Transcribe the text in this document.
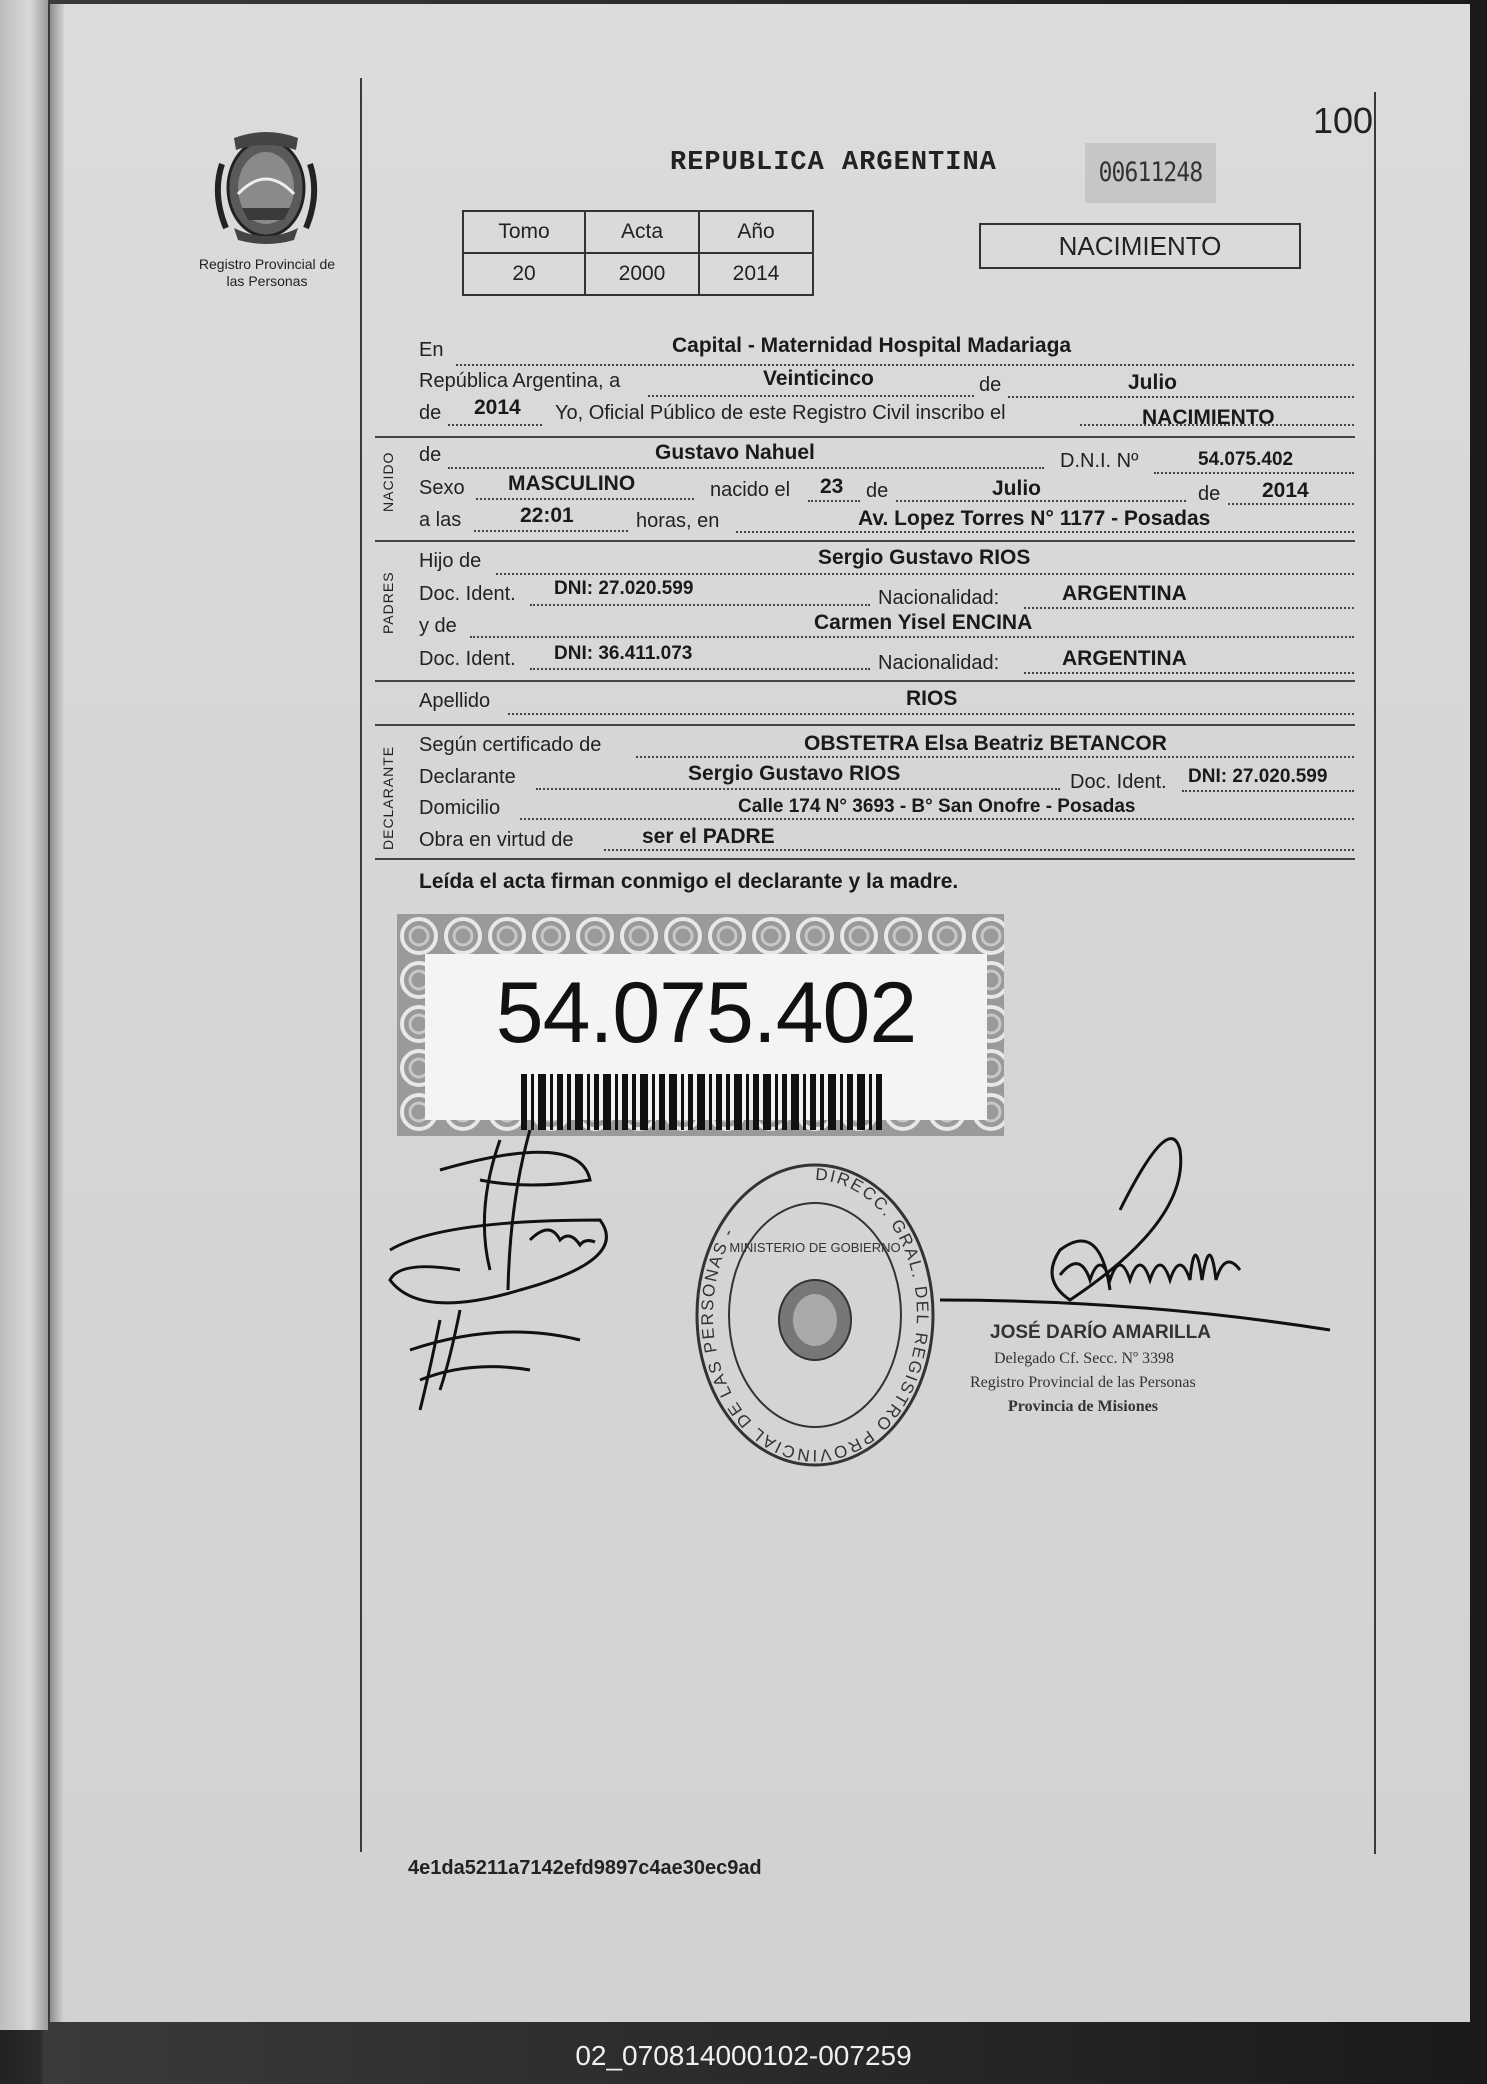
100
Registro Provincial de las Personas
REPUBLICA ARGENTINA	00611248
Tomo	Acta	Año
20	2000	2014
NACIMIENTO
En	Capital - Maternidad Hospital Madariaga
República Argentina, a	Veinticinco	de	Julio
de 2014 Yo, Oficial Público de este Registro Civil inscribo el	NACIMIENTO
NACIDO de	Gustavo Nahuel	D.N.I. Nº	54.075.402
Sexo MASCULINO	nacido el 23 de	Julio	de 2014
a las	22:01	horas, en	Av. Lopez Torres N° 1177 - Posadas
PADRES
Hijo de	Sergio Gustavo RIOS
Doc. Ident. DNI: 27.020.599	Nacionalidad:	ARGENTINA
y de	Carmen Yisel ENCINA
Doc. Ident. DNI: 36.411.073	Nacionalidad:	ARGENTINA
Apellido	RIOS
DECLARANTE
Según certificado de	OBSTETRA Elsa Beatriz BETANCOR
Declarante	Sergio Gustavo RIOS	Doc. Ident. DNI: 27.020.599
Domicilio	Calle 174 N° 3693 - B° San Onofre - Posadas
Obra en virtud de	ser el PADRE
Leída el acta firman conmigo el declarante y la madre.
54.075.402
DIRECC. GRAL. DEL REGISTRO PROVINCIAL DE LAS PERSONAS -
MINISTERIO DE GOBIERNO
JOSÉ DARÍO AMARILLA
Delegado Cf. Secc. Nº 3398
Registro Provincial de las Personas
Provincia de Misiones
4e1da5211a7142efd9897c4ae30ec9ad
02_070814000102-007259
